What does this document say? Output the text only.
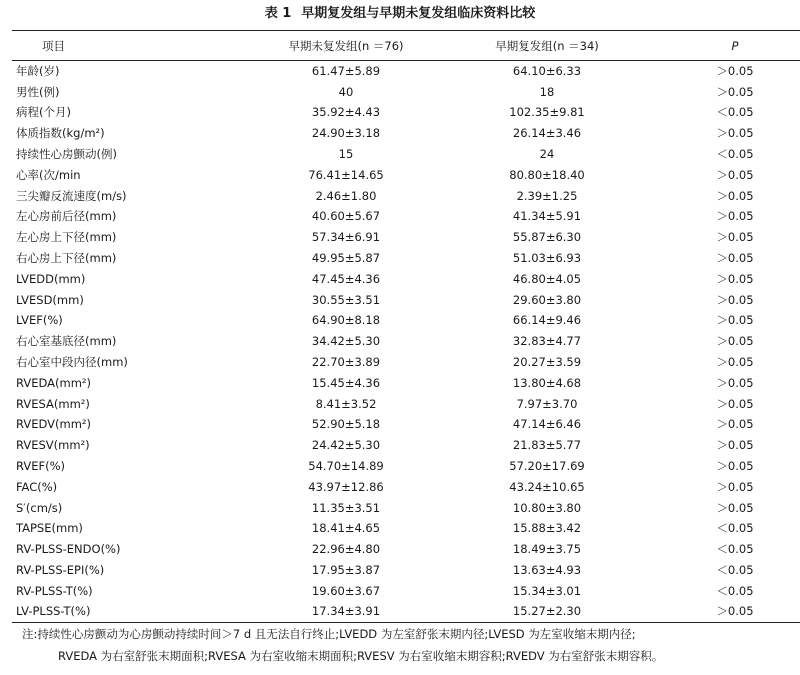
表 1 早期复发组与早期未复发组临床资料比较
项目	早期未复发组(n ＝76)	早期复发组(n ＝34)	P
年龄(岁)	61.47±5.89	64.10±6.33	＞0.05
男性(例)	40	18	＞0.05
病程(个月)	35.92±4.43	102.35±9.81	＜0.05
体质指数(kg/m²)	24.90±3.18	26.14±3.46	＞0.05
持续性心房颤动(例)	15	24	＜0.05
心率(次/min	76.41±14.65	80.80±18.40	＞0.05
三尖瓣反流速度(m/s)	2.46±1.80	2.39±1.25	＞0.05
左心房前后径(mm)	40.60±5.67	41.34±5.91	＞0.05
左心房上下径(mm)	57.34±6.91	55.87±6.30	＞0.05
右心房上下径(mm)	49.95±5.87	51.03±6.93	＞0.05
LVEDD(mm)	47.45±4.36	46.80±4.05	＞0.05
LVESD(mm)	30.55±3.51	29.60±3.80	＞0.05
LVEF(%)	64.90±8.18	66.14±9.46	＞0.05
右心室基底径(mm)	34.42±5.30	32.83±4.77	＞0.05
右心室中段内径(mm)	22.70±3.89	20.27±3.59	＞0.05
RVEDA(mm²)	15.45±4.36	13.80±4.68	＞0.05
RVESA(mm²)	8.41±3.52	7.97±3.70	＞0.05
RVEDV(mm²)	52.90±5.18	47.14±6.46	＞0.05
RVESV(mm²)	24.42±5.30	21.83±5.77	＞0.05
RVEF(%)	54.70±14.89	57.20±17.69	＞0.05
FAC(%)	43.97±12.86	43.24±10.65	＞0.05
S′(cm/s)	11.35±3.51	10.80±3.80	＞0.05
TAPSE(mm)	18.41±4.65	15.88±3.42	＜0.05
RV-PLSS-ENDO(%)	22.96±4.80	18.49±3.75	＜0.05
RV-PLSS-EPI(%)	17.95±3.87	13.63±4.93	＜0.05
RV-PLSS-T(%)	19.60±3.67	15.34±3.01	＜0.05
LV-PLSS-T(%)	17.34±3.91	15.27±2.30	＞0.05
注:持续性心房颤动为心房颤动持续时间＞7 d 且无法自行终止;LVEDD 为左室舒张末期内径;LVESD 为左室收缩末期内径;
RVEDA 为右室舒张末期面积;RVESA 为右室收缩末期面积;RVESV 为右室收缩末期容积;RVEDV 为右室舒张末期容积。
